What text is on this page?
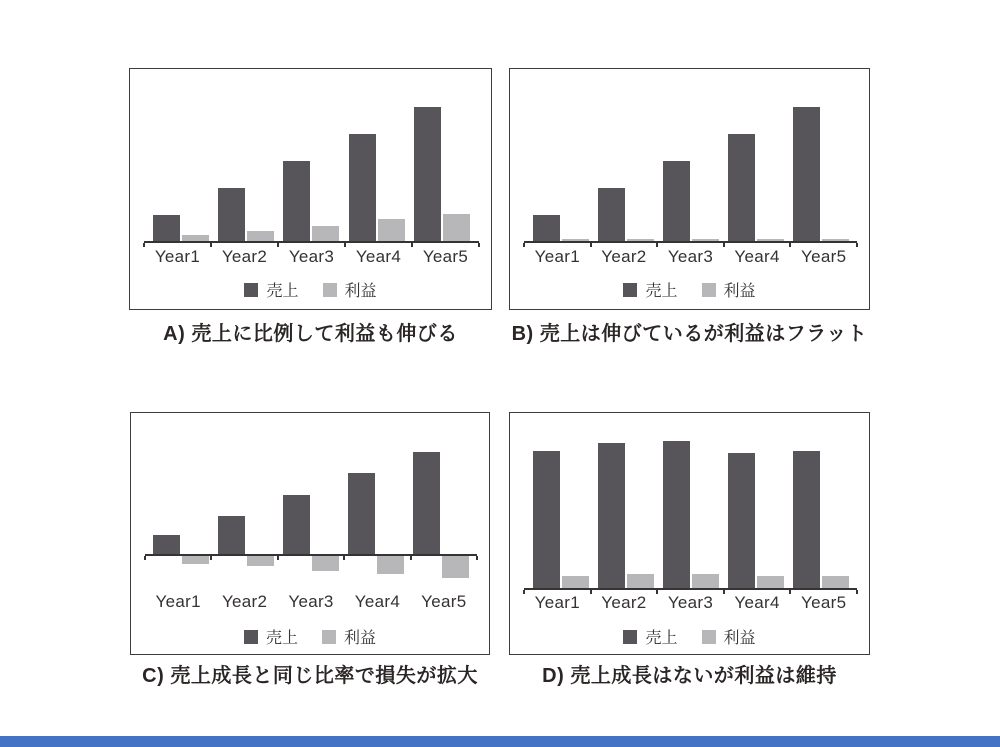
Year1	Year2	Year3	Year4	Year5
売上	利益
A) 売上に比例して利益も伸びる
Year1	Year2	Year3	Year4	Year5
売上	利益
B) 売上は伸びているが利益はフラット
Year1	Year2	Year3	Year4	Year5
売上	利益
C) 売上成長と同じ比率で損失が拡大
Year1	Year2	Year3	Year4	Year5
売上	利益
D) 売上成長はないが利益は維持
